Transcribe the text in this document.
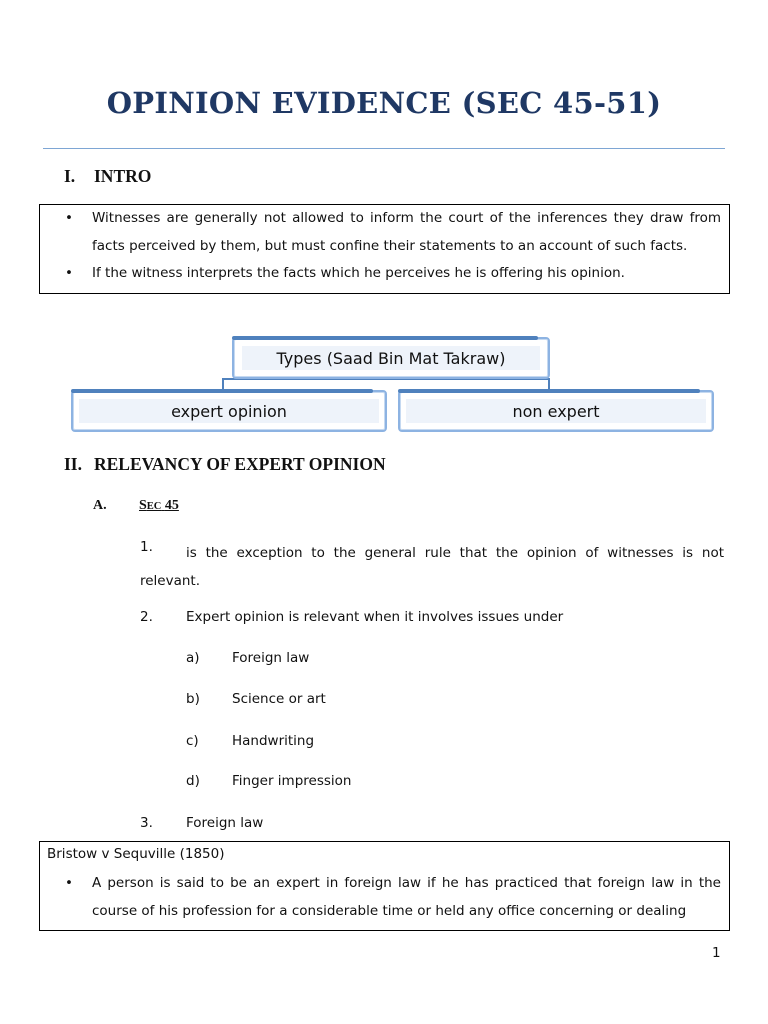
OPINION EVIDENCE (SEC 45-51)
I. INTRO
• Witnesses are generally not allowed to inform the court of the inferences they draw from facts perceived by them, but must confine their statements to an account of such facts.
• If the witness interprets the facts which he perceives he is offering his opinion.
Types (Saad Bin Mat Takraw)
expert opinion	non expert
II. RELEVANCY OF EXPERT OPINION
A. SEC 45
1.	is the exception to the general rule that the opinion of witnesses is not relevant.
2. Expert opinion is relevant when it involves issues under
a) Foreign law
b) Science or art
c) Handwriting
d) Finger impression
3. Foreign law
Bristow v Sequville (1850)
• A person is said to be an expert in foreign law if he has practiced that foreign law in the course of his profession for a considerable time or held any office concerning or dealing
1
